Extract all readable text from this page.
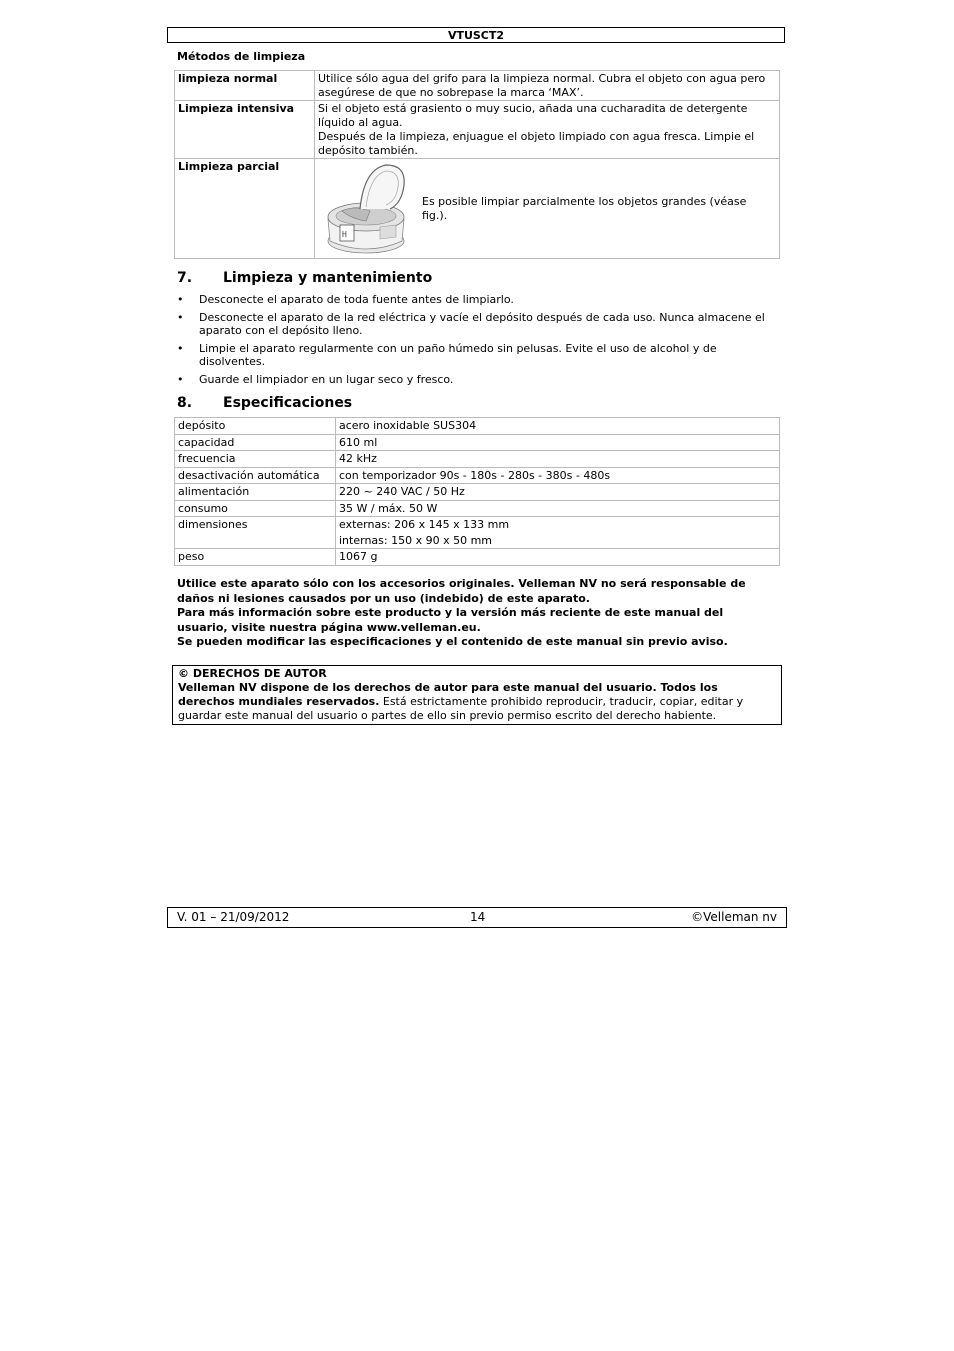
VTUSCT2
Métodos de limpieza
limpieza normal	Utilice sólo agua del grifo para la limpieza normal. Cubra el objeto con agua pero asegúrese de que no sobrepase la marca ‘MAX’.

Limpieza intensiva	Si el objeto está grasiento o muy sucio, añada una cucharadita de detergente líquido al agua.

Después de la limpieza, enjuague el objeto limpiado con agua fresca. Limpie el depósito también.

Limpieza parcial	H
Es posible limpiar parcialmente los objetos grandes (véase fig.).
7. Limpieza y mantenimiento
• Desconecte el aparato de toda fuente antes de limpiarlo.
• Desconecte el aparato de la red eléctrica y vacíe el depósito después de cada uso. Nunca almacene el aparato con el depósito lleno.
• Limpie el aparato regularmente con un paño húmedo sin pelusas. Evite el uso de alcohol y de disolventes.
• Guarde el limpiador en un lugar seco y fresco.
8. Especificaciones
depósito	acero inoxidable SUS304
capacidad	610 ml
frecuencia	42 kHz
desactivación automática	con temporizador 90s - 180s - 280s - 380s - 480s
alimentación	220 ~ 240 VAC / 50 Hz
consumo	35 W / máx. 50 W
dimensiones	externas: 206 x 145 x 133 mm
internas: 150 x 90 x 50 mm

peso	1067 g

Utilice este aparato sólo con los accesorios originales. Velleman NV no será responsable de daños ni lesiones causados por un uso (indebido) de este aparato.

Para más información sobre este producto y la versión más reciente de este manual del usuario, visite nuestra página www.velleman.eu.

Se pueden modificar las especificaciones y el contenido de este manual sin previo aviso.

© DERECHOS DE AUTOR

Velleman NV dispone de los derechos de autor para este manual del usuario. Todos los derechos mundiales reservados. Está estrictamente prohibido reproducir, traducir, copiar, editar y guardar este manual del usuario o partes de ello sin previo permiso escrito del derecho habiente.

V. 01 – 21/09/2012	14	©Velleman nv
